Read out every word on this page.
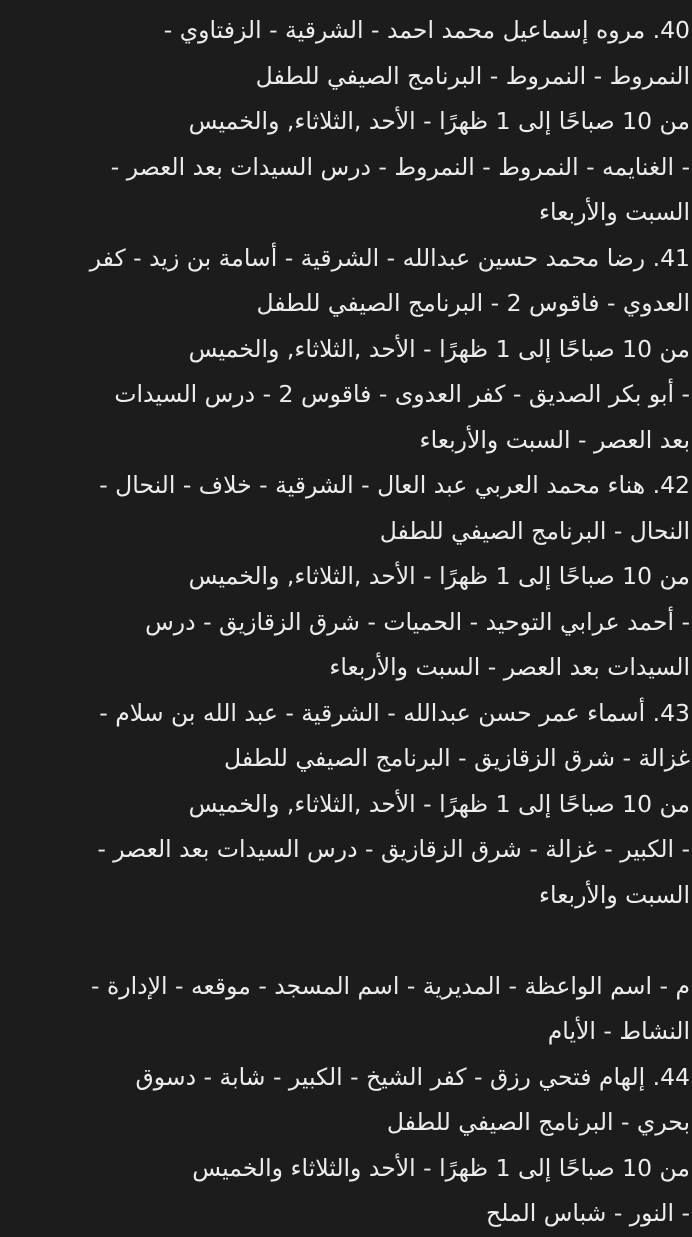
40. مروه إسماعيل محمد احمد - الشرقية - الزفتاوي -
النمروط - النمروط - البرنامج الصيفي للطفل
من 10 صباحًا إلى 1 ظهرًا - الأحد ,الثلاثاء, والخميس
- الغنايمه - النمروط - النمروط - درس السيدات بعد العصر -
السبت والأربعاء
41. رضا محمد حسين عبدالله - الشرقية - أسامة بن زيد - كفر
العدوي - فاقوس 2 - البرنامج الصيفي للطفل
من 10 صباحًا إلى 1 ظهرًا - الأحد ,الثلاثاء, والخميس
- أبو بكر الصديق - كفر العدوى - فاقوس 2 - درس السيدات
بعد العصر - السبت والأربعاء
42. هناء محمد العربي عبد العال - الشرقية - خلاف - النحال -
النحال - البرنامج الصيفي للطفل
من 10 صباحًا إلى 1 ظهرًا - الأحد ,الثلاثاء, والخميس
- أحمد عرابي التوحيد - الحميات - شرق الزقازيق - درس
السيدات بعد العصر - السبت والأربعاء
43. أسماء عمر حسن عبدالله - الشرقية - عبد الله بن سلام -
غزالة - شرق الزقازيق - البرنامج الصيفي للطفل
من 10 صباحًا إلى 1 ظهرًا - الأحد ,الثلاثاء, والخميس
- الكبير - غزالة - شرق الزقازيق - درس السيدات بعد العصر -
السبت والأربعاء
م - اسم الواعظة - المديرية - اسم المسجد - موقعه - الإدارة -
النشاط - الأيام
44. إلهام فتحي رزق - كفر الشيخ - الكبير - شابة - دسوق
بحري - البرنامج الصيفي للطفل
من 10 صباحًا إلى 1 ظهرًا - الأحد والثلاثاء والخميس
- النور - شباس الملح
